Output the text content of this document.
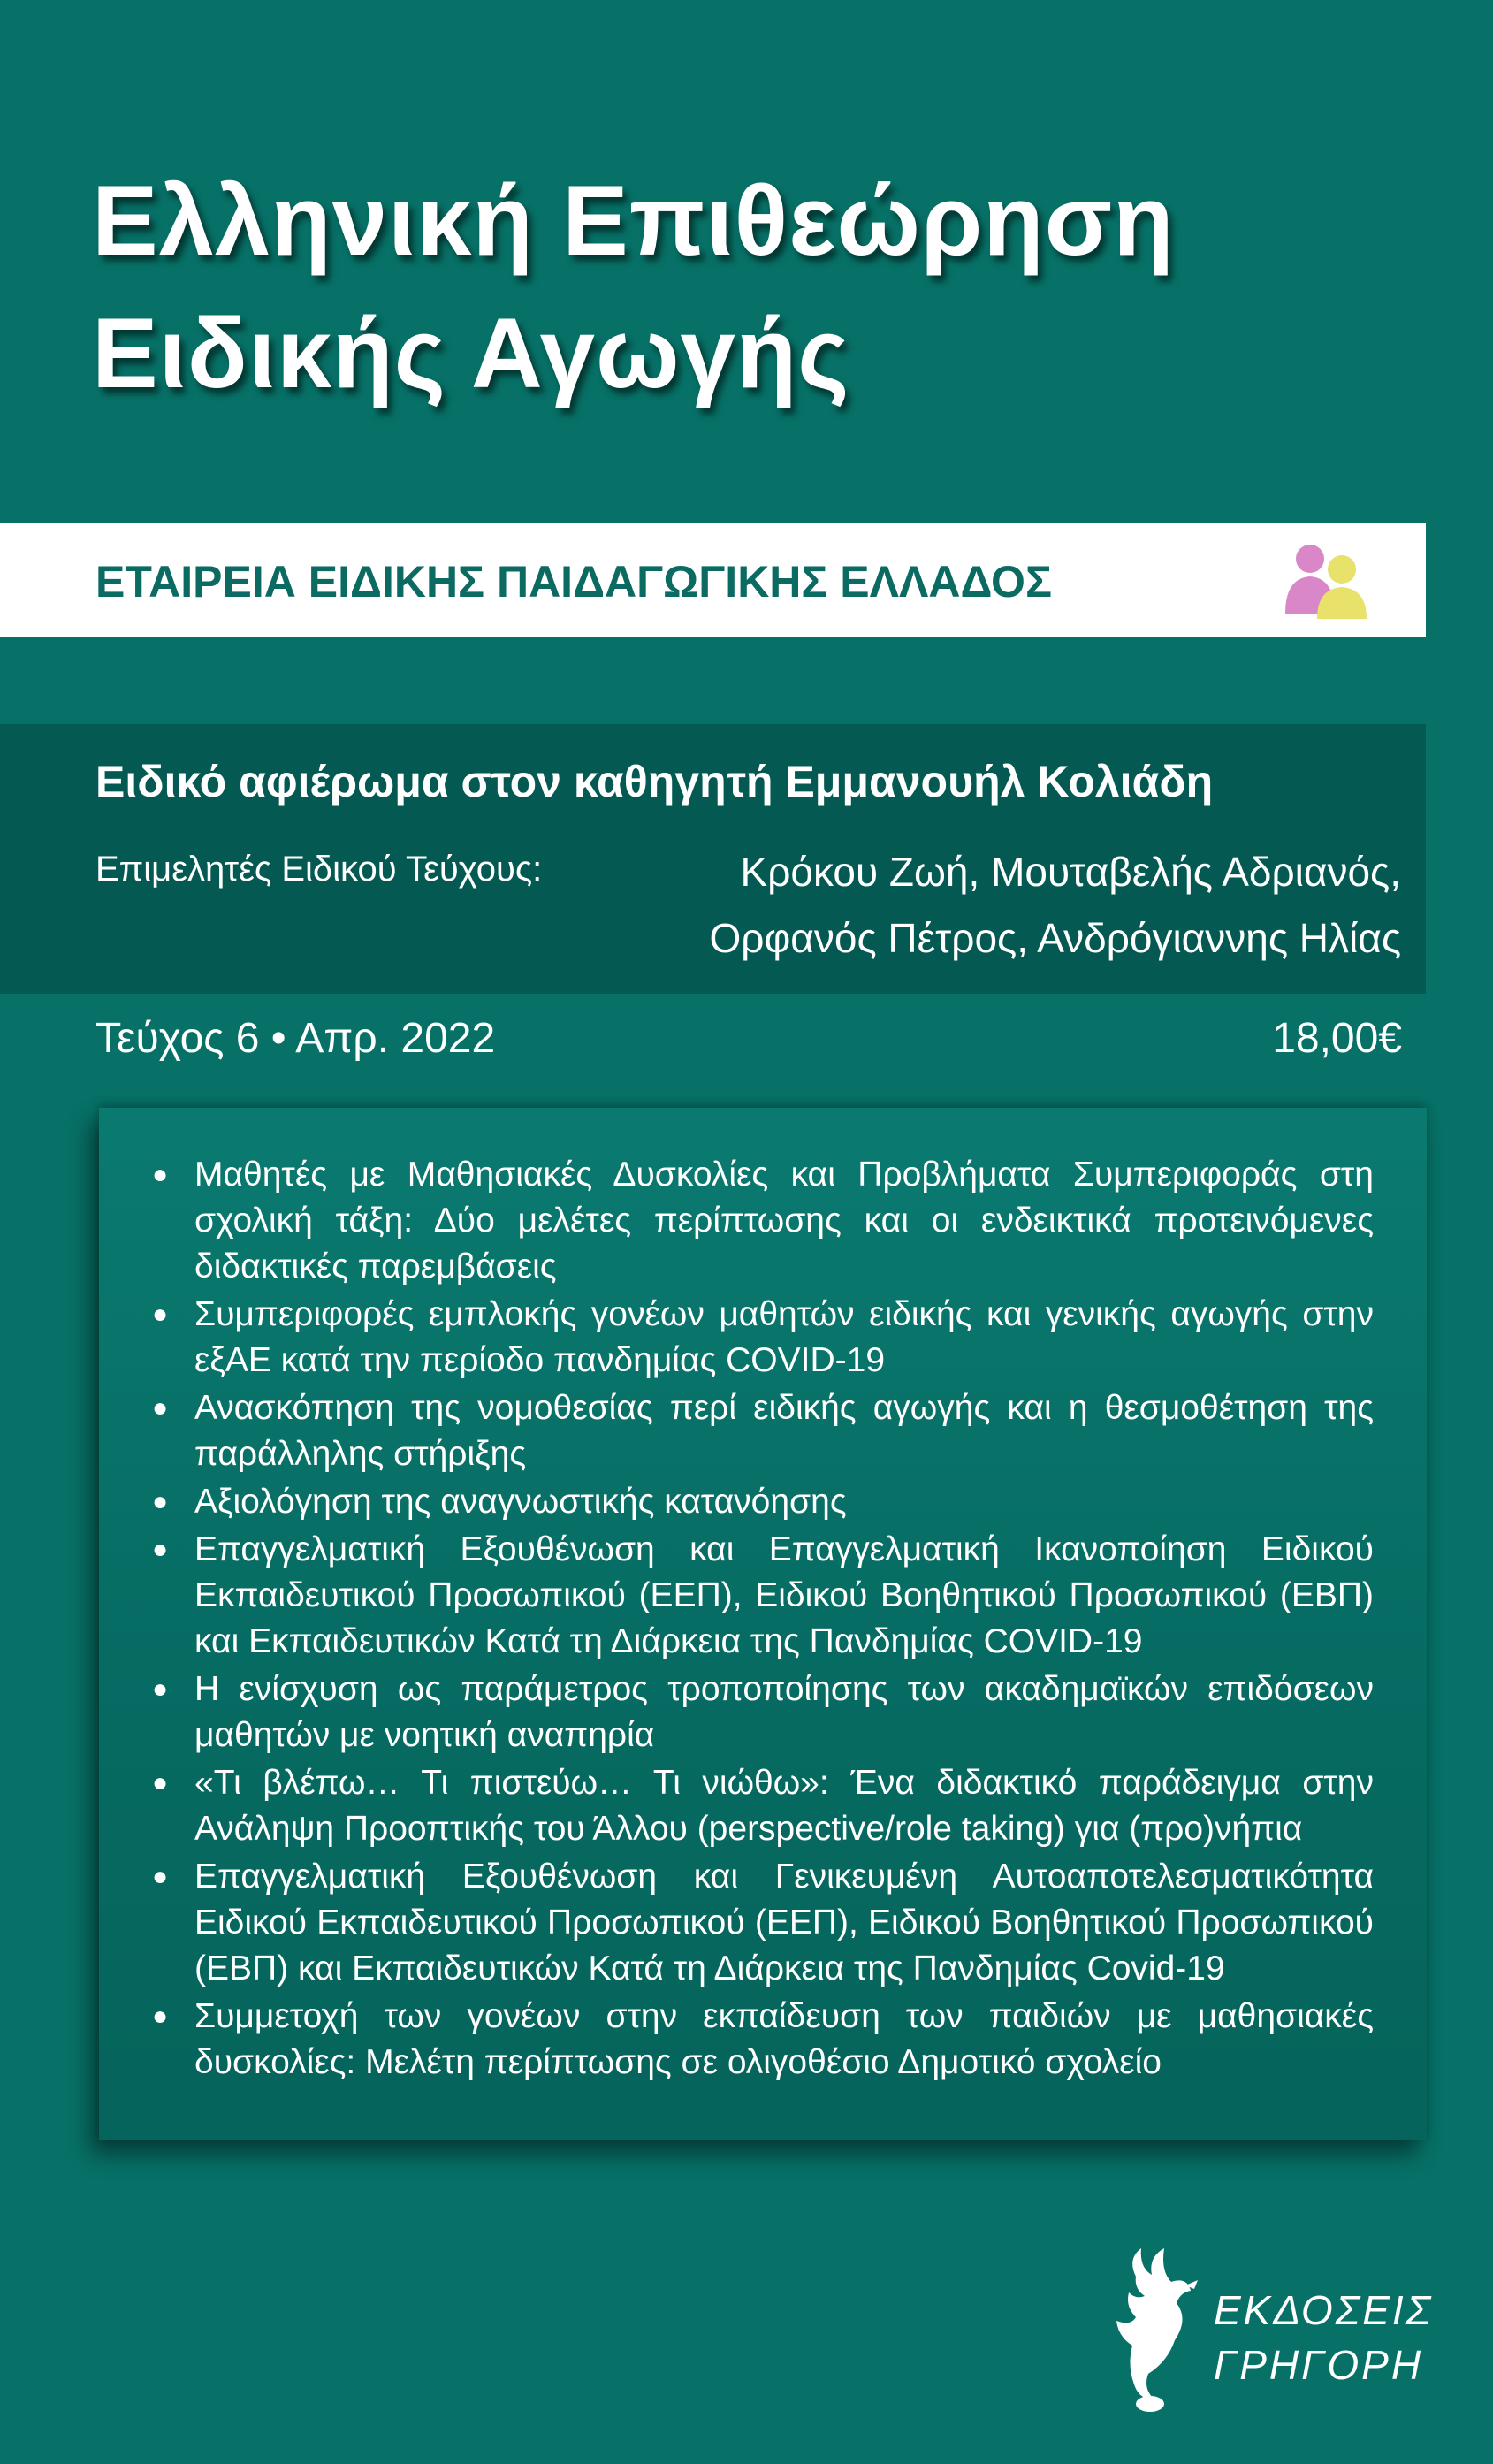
Ελληνική Επιθεώρηση
Ειδικής Αγωγής
ΕΤΑΙΡΕΙΑ ΕΙΔΙΚΗΣ ΠΑΙΔΑΓΩΓΙΚΗΣ ΕΛΛΑΔΟΣ
Ειδικό αφιέρωμα στον καθηγητή Εμμανουήλ Κολιάδη
Επιμελητές Ειδικού Τεύχους:	Κρόκου Ζωή, Μουταβελής Αδριανός,
Ορφανός Πέτρος, Ανδρόγιαννης Ηλίας
Τεύχος 6 • Απρ. 2022	18,00€
● Μαθητές με Μαθησιακές Δυσκολίες και Προβλήματα Συμπεριφοράς στη σχολική τάξη: Δύο μελέτες περίπτωσης και οι ενδεικτικά προτεινόμενες διδακτικές παρεμβάσεις
● Συμπεριφορές εμπλοκής γονέων μαθητών ειδικής και γενικής αγωγής στην εξΑΕ κατά την περίοδο πανδημίας COVID-19
● Ανασκόπηση της νομοθεσίας περί ειδικής αγωγής και η θεσμοθέτηση της παράλληλης στήριξης
● Αξιολόγηση της αναγνωστικής κατανόησης
● Επαγγελματική Εξουθένωση και Επαγγελματική Ικανοποίηση Ειδικού Εκπαιδευτικού Προσωπικού (ΕΕΠ), Ειδικού Βοηθητικού Προσωπικού (ΕΒΠ) και Εκπαιδευτικών Κατά τη Διάρκεια της Πανδημίας COVID-19
● Η ενίσχυση ως παράμετρος τροποποίησης των ακαδημαϊκών επιδόσεων μαθητών με νοητική αναπηρία
● «Τι βλέπω… Τι πιστεύω… Τι νιώθω»: Ένα διδακτικό παράδειγμα στην Ανάληψη Προοπτικής του Άλλου (perspective/role taking) για (προ)νήπια
● Επαγγελματική Εξουθένωση και Γενικευμένη Αυτοαποτελεσματικότητα Ειδικού Εκπαιδευτικού Προσωπικού (ΕΕΠ), Ειδικού Βοηθητικού Προσωπικού (ΕΒΠ) και Εκπαιδευτικών Κατά τη Διάρκεια της Πανδημίας Covid-19
● Συμμετοχή των γονέων στην εκπαίδευση των παιδιών με μαθησιακές δυσκολίες: Μελέτη περίπτωσης σε ολιγοθέσιο Δημοτικό σχολείο
ΕΚΔΟΣΕΙΣ
ΓΡΗΓΟΡΗ
